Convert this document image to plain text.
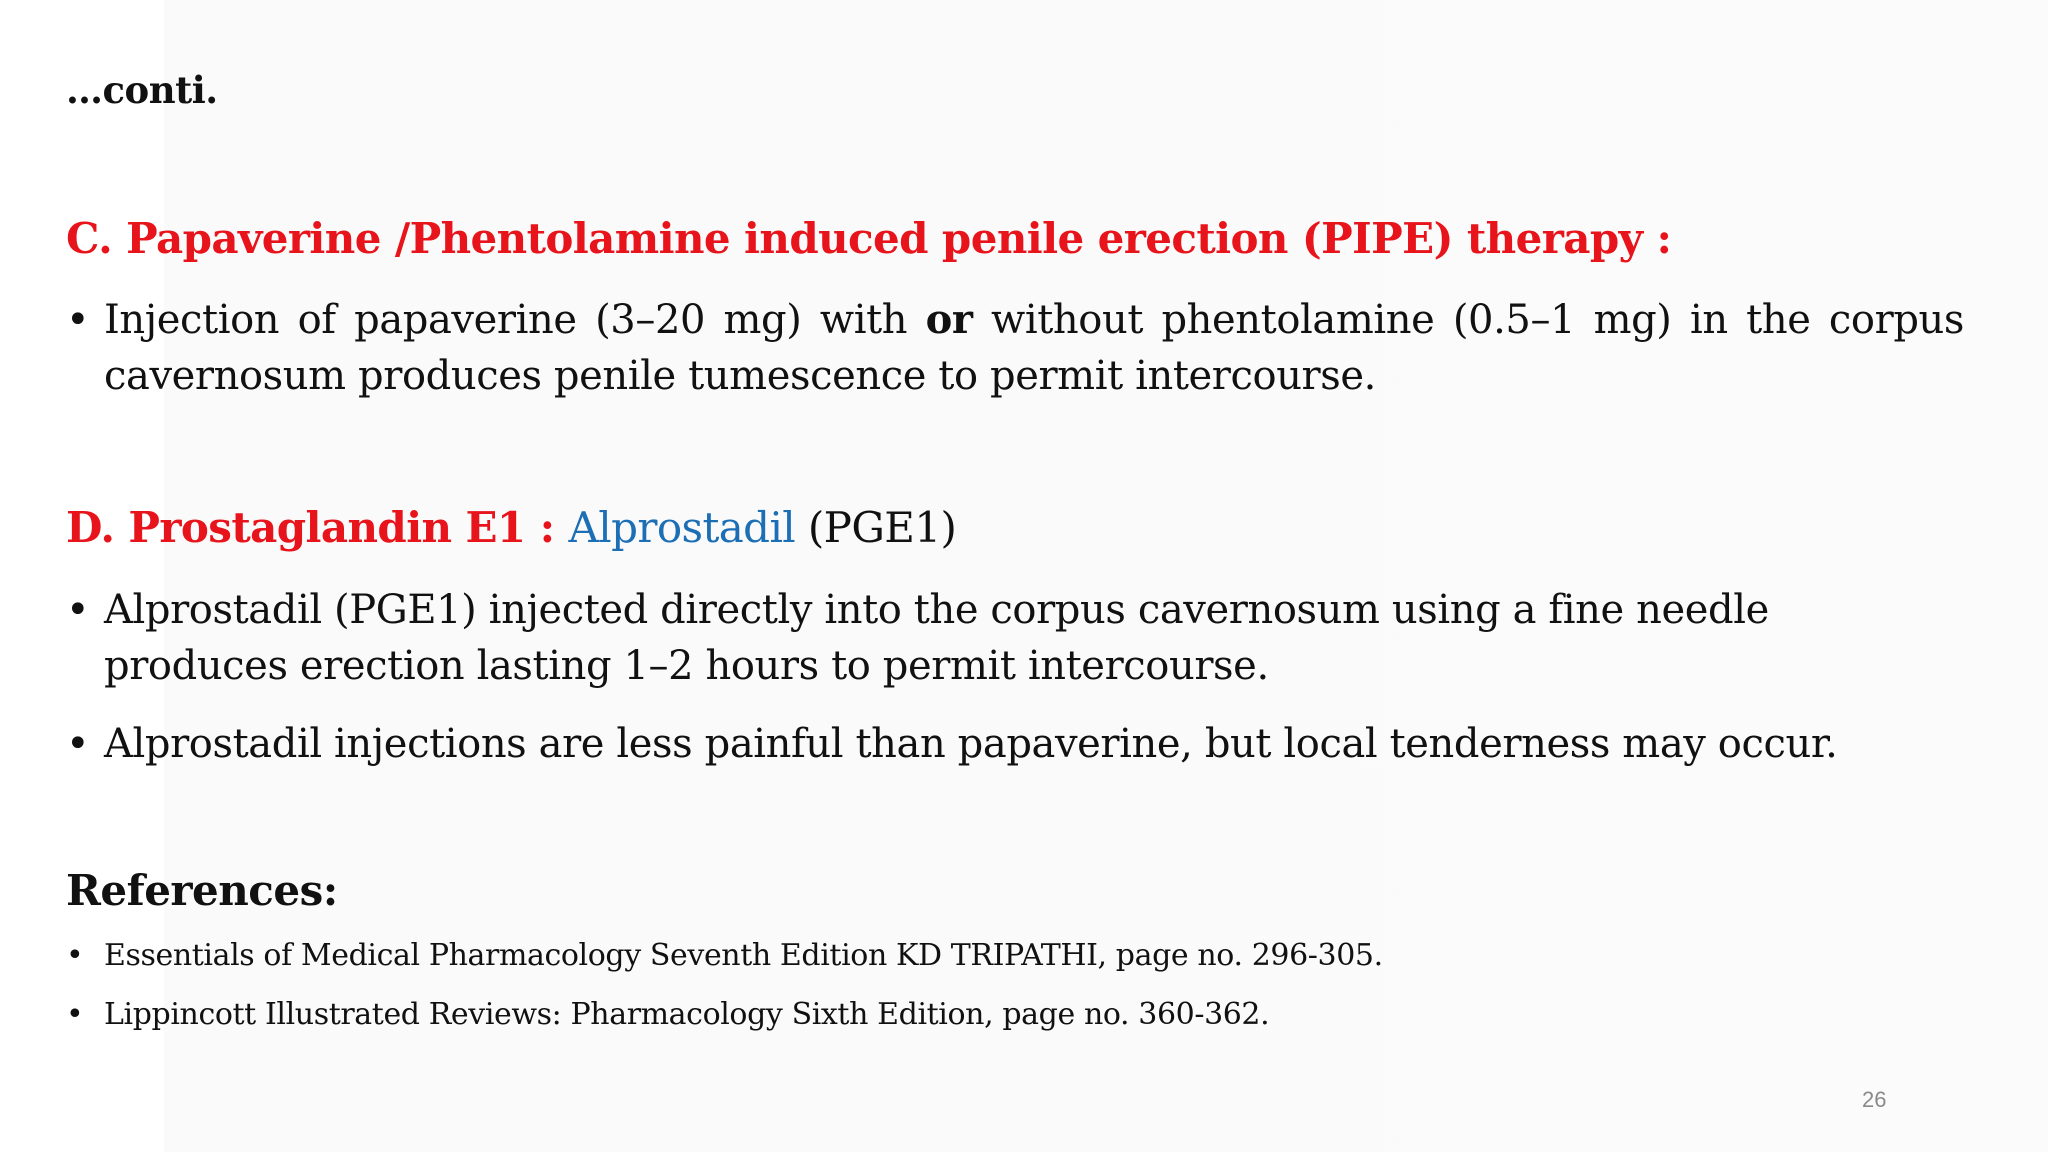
…conti.
C. Papaverine /Phentolamine induced penile erection (PIPE) therapy :
• Injection of papaverine (3–20 mg) with or without phentolamine (0.5–1 mg) in the corpus cavernosum produces penile tumescence to permit intercourse.
D. Prostaglandin E1 : Alprostadil (PGE1)
• Alprostadil (PGE1) injected directly into the corpus cavernosum using a fine needle produces erection lasting 1–2 hours to permit intercourse.
• Alprostadil injections are less painful than papaverine, but local tenderness may occur.
References:
• Essentials of Medical Pharmacology Seventh Edition KD TRIPATHI, page no. 296-305.
• Lippincott Illustrated Reviews: Pharmacology Sixth Edition, page no. 360-362.
26
